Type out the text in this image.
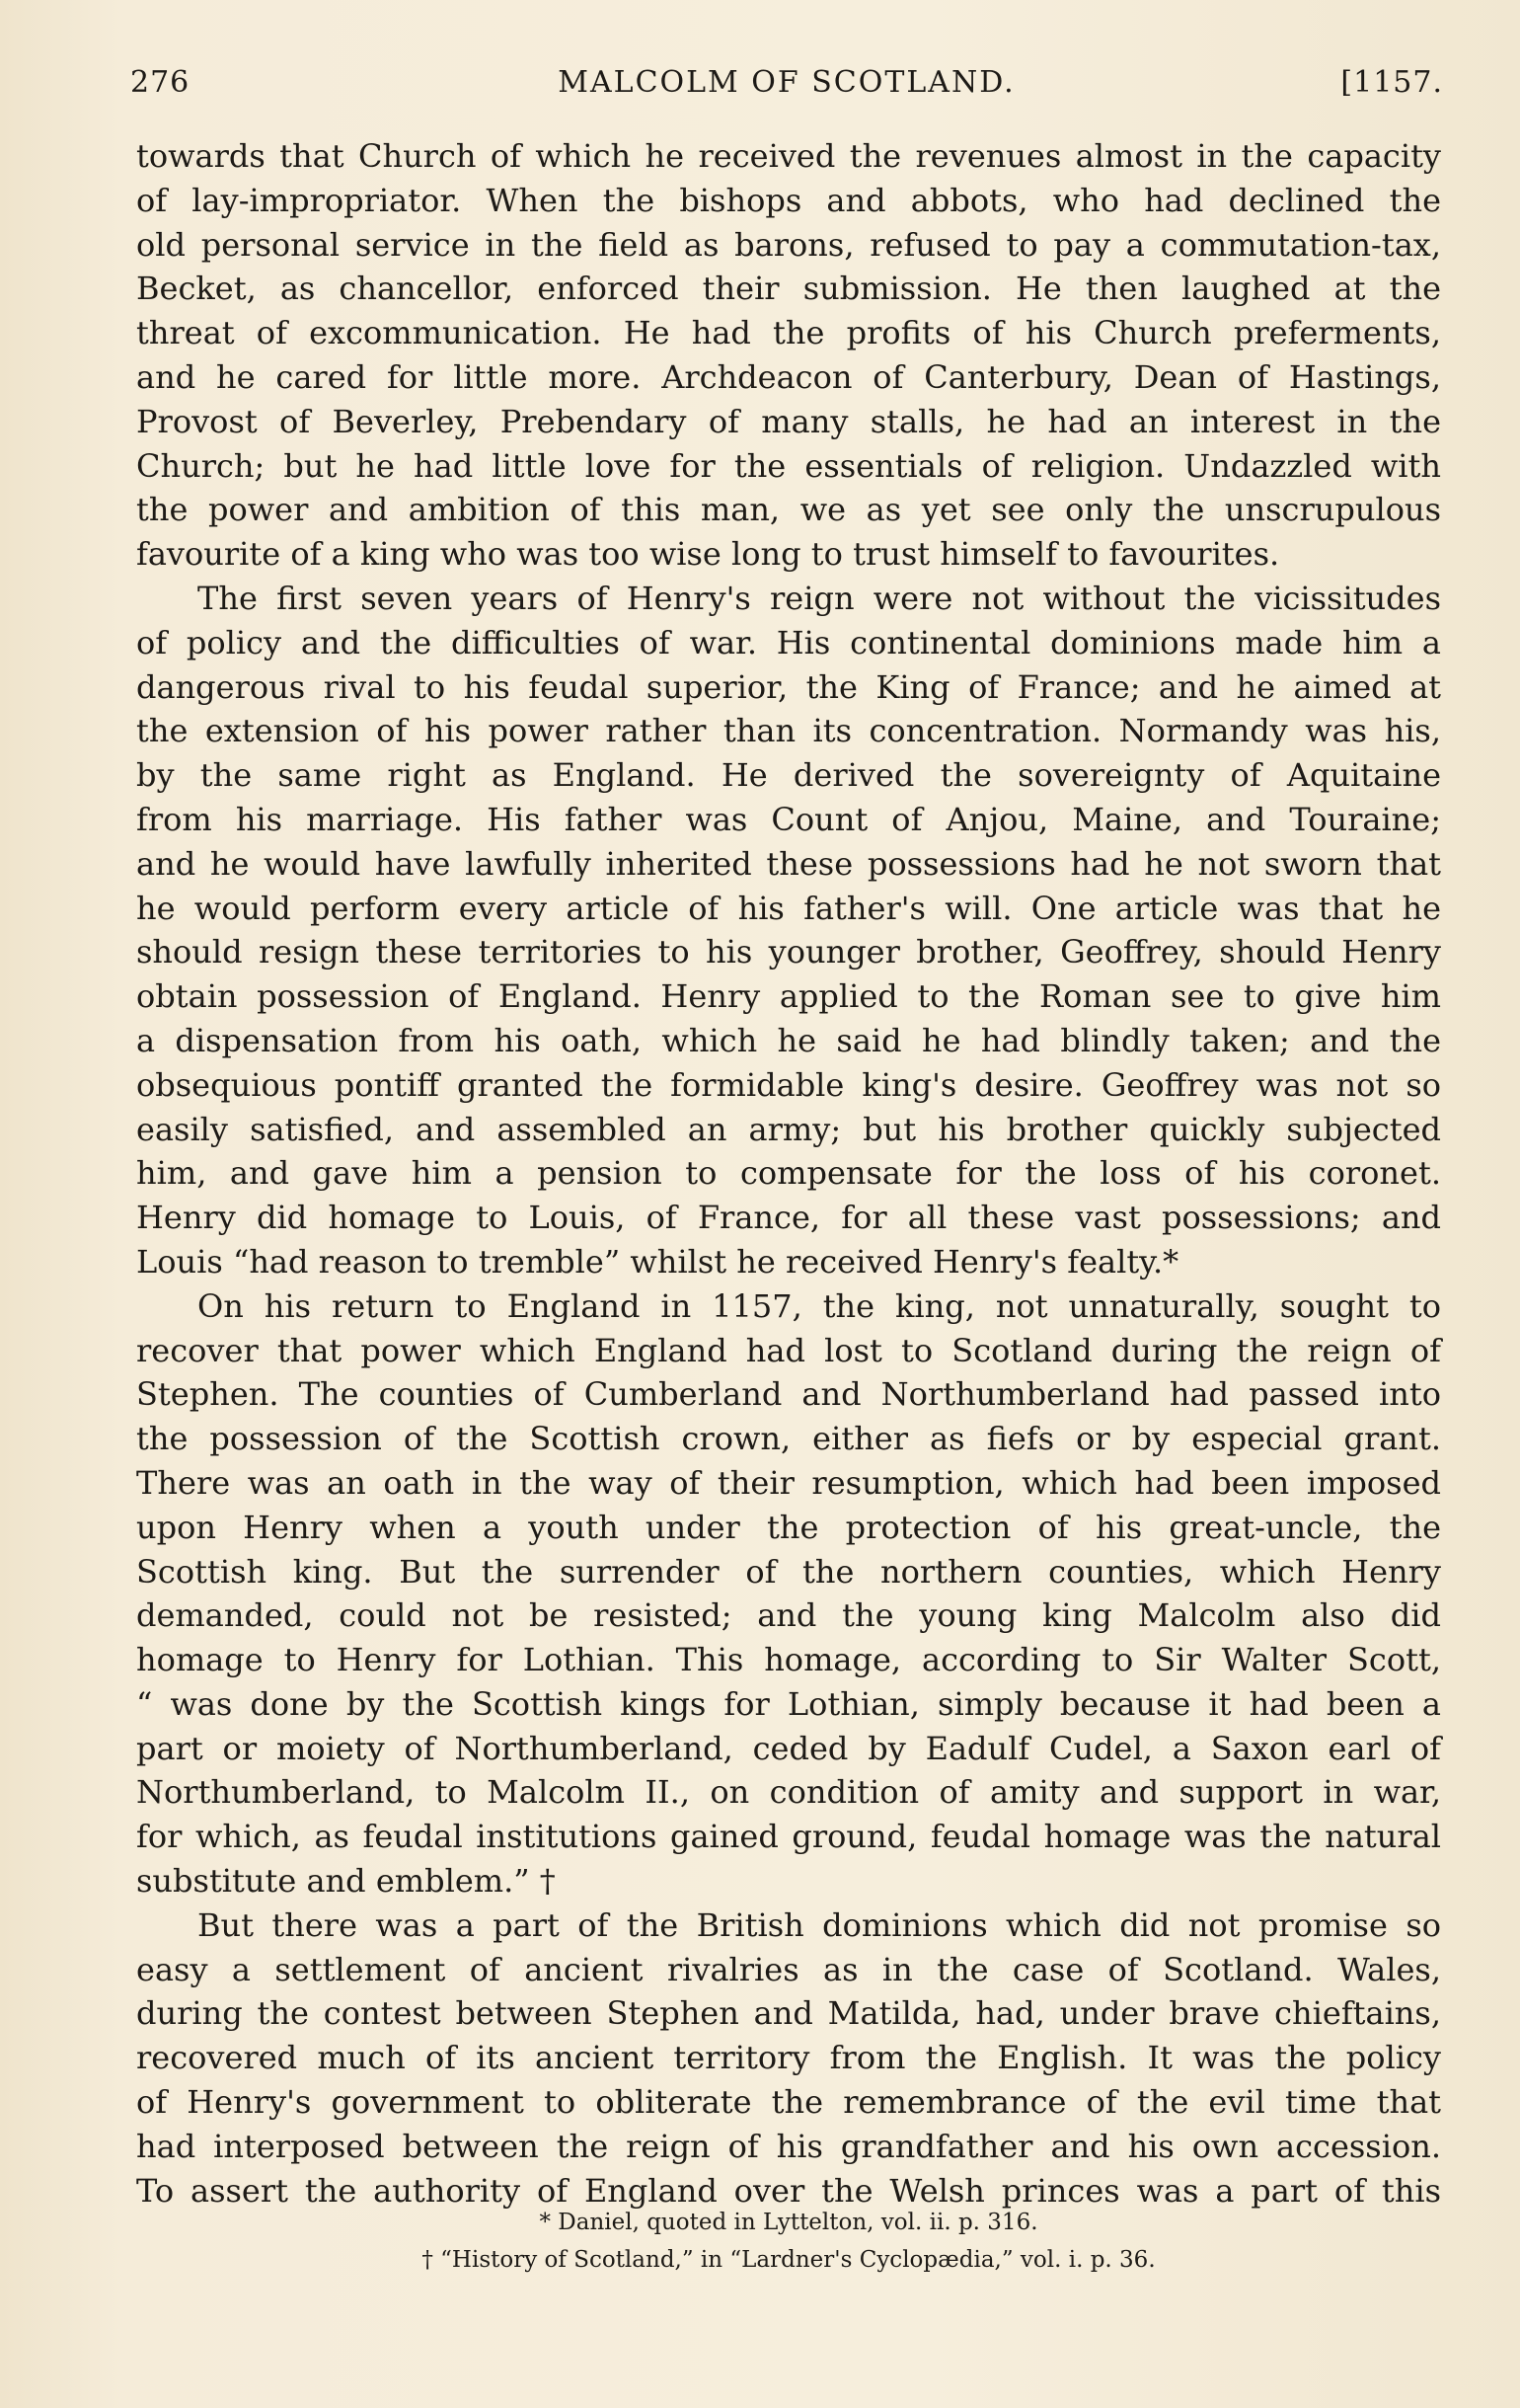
276	MALCOLM OF SCOTLAND.	[1157.
towards that Church of which he received the revenues almost in the capacity
of lay-impropriator. When the bishops and abbots, who had declined the
old personal service in the field as barons, refused to pay a commutation-tax,
Becket, as chancellor, enforced their submission. He then laughed at the
threat of excommunication. He had the profits of his Church preferments,
and he cared for little more. Archdeacon of Canterbury, Dean of Hastings,
Provost of Beverley, Prebendary of many stalls, he had an interest in the
Church; but he had little love for the essentials of religion. Undazzled with
the power and ambition of this man, we as yet see only the unscrupulous
favourite of a king who was too wise long to trust himself to favourites.
The first seven years of Henry's reign were not without the vicissitudes
of policy and the difficulties of war. His continental dominions made him a
dangerous rival to his feudal superior, the King of France; and he aimed at
the extension of his power rather than its concentration. Normandy was his,
by the same right as England. He derived the sovereignty of Aquitaine
from his marriage. His father was Count of Anjou, Maine, and Touraine;
and he would have lawfully inherited these possessions had he not sworn that
he would perform every article of his father's will. One article was that he
should resign these territories to his younger brother, Geoffrey, should Henry
obtain possession of England. Henry applied to the Roman see to give him
a dispensation from his oath, which he said he had blindly taken; and the
obsequious pontiff granted the formidable king's desire. Geoffrey was not so
easily satisfied, and assembled an army; but his brother quickly subjected
him, and gave him a pension to compensate for the loss of his coronet.
Henry did homage to Louis, of France, for all these vast possessions; and
Louis “had reason to tremble” whilst he received Henry's fealty.*
On his return to England in 1157, the king, not unnaturally, sought to
recover that power which England had lost to Scotland during the reign of
Stephen. The counties of Cumberland and Northumberland had passed into
the possession of the Scottish crown, either as fiefs or by especial grant.
There was an oath in the way of their resumption, which had been imposed
upon Henry when a youth under the protection of his great-uncle, the
Scottish king. But the surrender of the northern counties, which Henry
demanded, could not be resisted; and the young king Malcolm also did
homage to Henry for Lothian. This homage, according to Sir Walter Scott,
“ was done by the Scottish kings for Lothian, simply because it had been a
part or moiety of Northumberland, ceded by Eadulf Cudel, a Saxon earl of
Northumberland, to Malcolm II., on condition of amity and support in war,
for which, as feudal institutions gained ground, feudal homage was the natural
substitute and emblem.” †
But there was a part of the British dominions which did not promise so
easy a settlement of ancient rivalries as in the case of Scotland. Wales,
during the contest between Stephen and Matilda, had, under brave chieftains,
recovered much of its ancient territory from the English. It was the policy
of Henry's government to obliterate the remembrance of the evil time that
had interposed between the reign of his grandfather and his own accession.
To assert the authority of England over the Welsh princes was a part of this
* Daniel, quoted in Lyttelton, vol. ii. p. 316.
† “History of Scotland,” in “Lardner's Cyclopædia,” vol. i. p. 36.
